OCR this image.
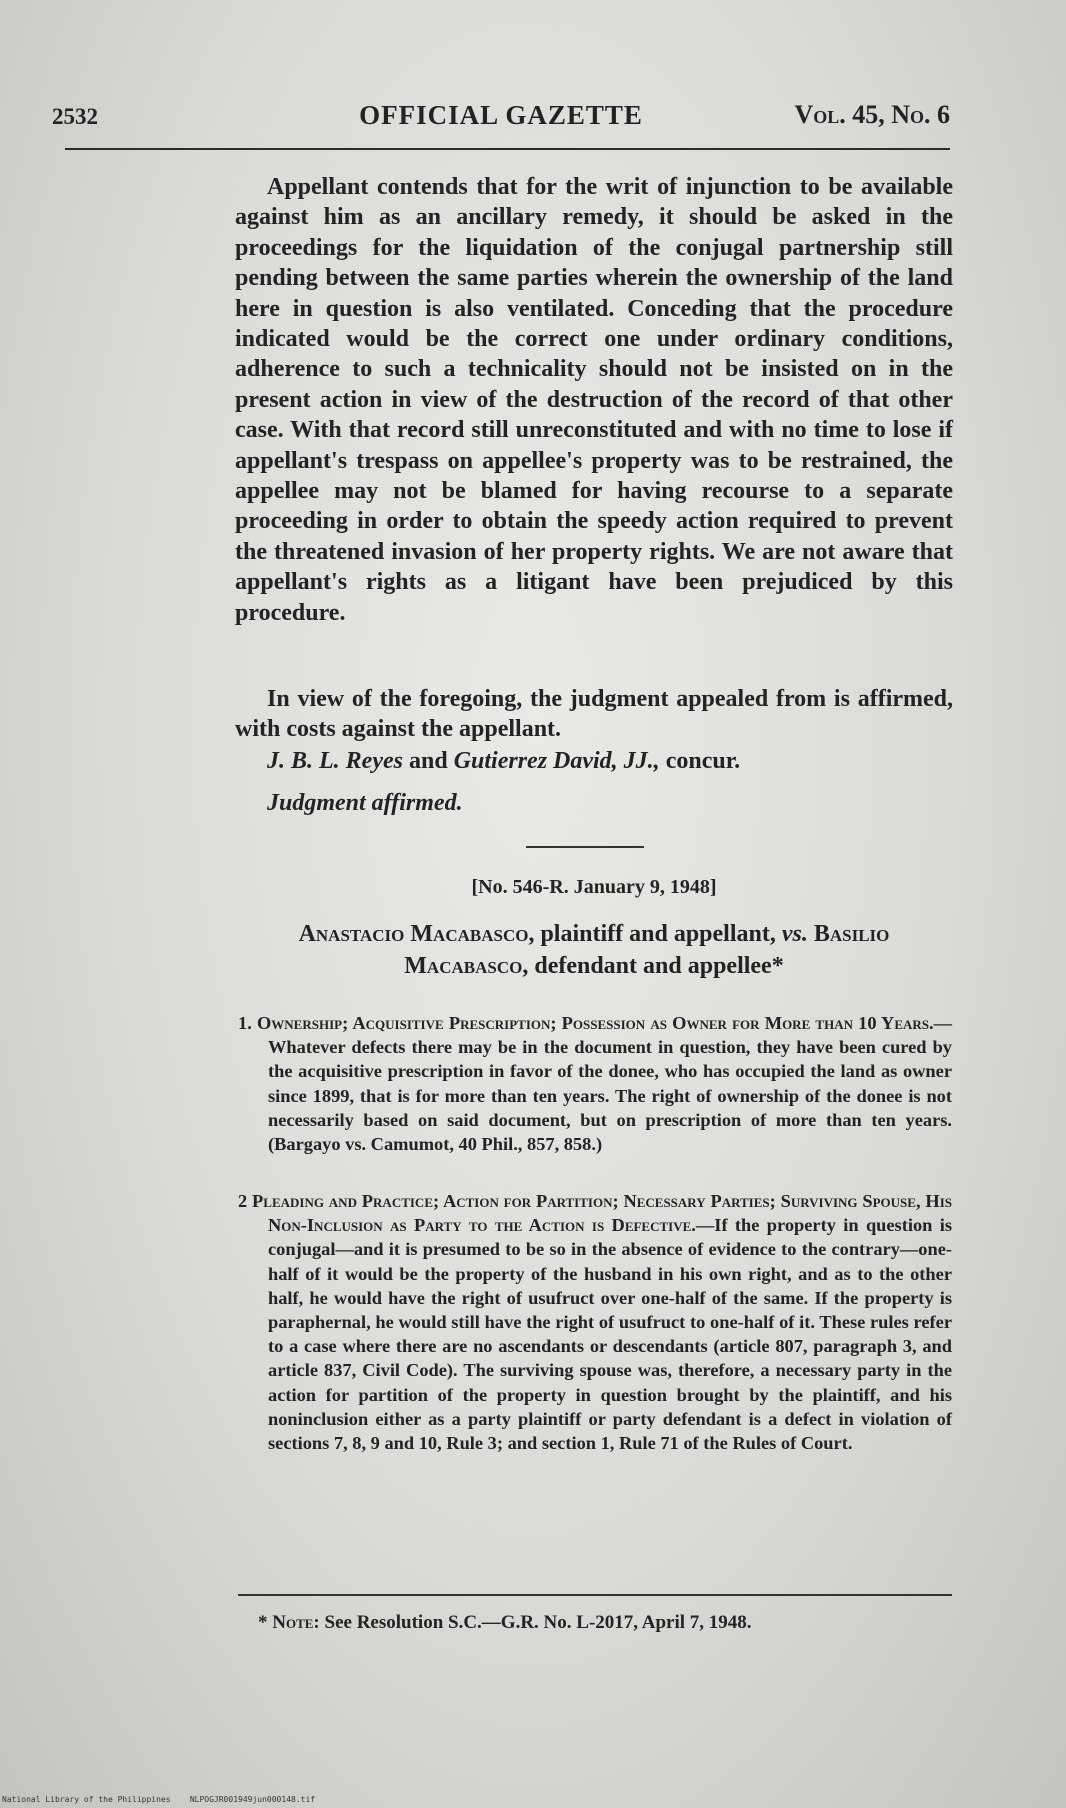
2532	OFFICIAL GAZETTE	Vol. 45, No. 6

Appellant contends that for the writ of injunction to be available against him as an ancillary remedy, it should be asked in the proceedings for the liquidation of the conjugal partnership still pending between the same parties wherein the ownership of the land here in question is also ventilated. Conceding that the procedure indicated would be the correct one under ordinary conditions, adherence to such a technicality should not be insisted on in the present action in view of the destruction of the record of that other case. With that record still unreconstituted and with no time to lose if appellant's trespass on appellee's property was to be restrained, the appellee may not be blamed for having recourse to a separate proceeding in order to obtain the speedy action required to prevent the threatened invasion of her property rights. We are not aware that appellant's rights as a litigant have been prejudiced by this procedure.

In view of the foregoing, the judgment appealed from is affirmed, with costs against the appellant.

J. B. L. Reyes and Gutierrez David, JJ., concur.

Judgment affirmed.

[No. 546-R. January 9, 1948]
Anastacio Macabasco, plaintiff and appellant, vs. Basilio Macabasco, defendant and appellee*

1. Ownership; Acquisitive Prescription; Possession as Owner for More than 10 Years.—Whatever defects there may be in the document in question, they have been cured by the acquisitive prescription in favor of the donee, who has occupied the land as owner since 1899, that is for more than ten years. The right of ownership of the donee is not necessarily based on said document, but on prescription of more than ten years. (Bargayo vs. Camumot, 40 Phil., 857, 858.)

2 Pleading and Practice; Action for Partition; Necessary Parties; Surviving Spouse, His Non-Inclusion as Party to the Action is Defective.—If the property in question is conjugal—and it is presumed to be so in the absence of evidence to the contrary—one-half of it would be the property of the husband in his own right, and as to the other half, he would have the right of usufruct over one-half of the same. If the property is paraphernal, he would still have the right of usufruct to one-half of it. These rules refer to a case where there are no ascendants or descendants (article 807, paragraph 3, and article 837, Civil Code). The surviving spouse was, therefore, a necessary party in the action for partition of the property in question brought by the plaintiff, and his noninclusion either as a party plaintiff or party defendant is a defect in violation of sections 7, 8, 9 and 10, Rule 3; and section 1, Rule 71 of the Rules of Court.

* Note: See Resolution S.C.—G.R. No. L-2017, April 7, 1948.
National Library of the Philippines NLPOGJR001949jun000148.tif
